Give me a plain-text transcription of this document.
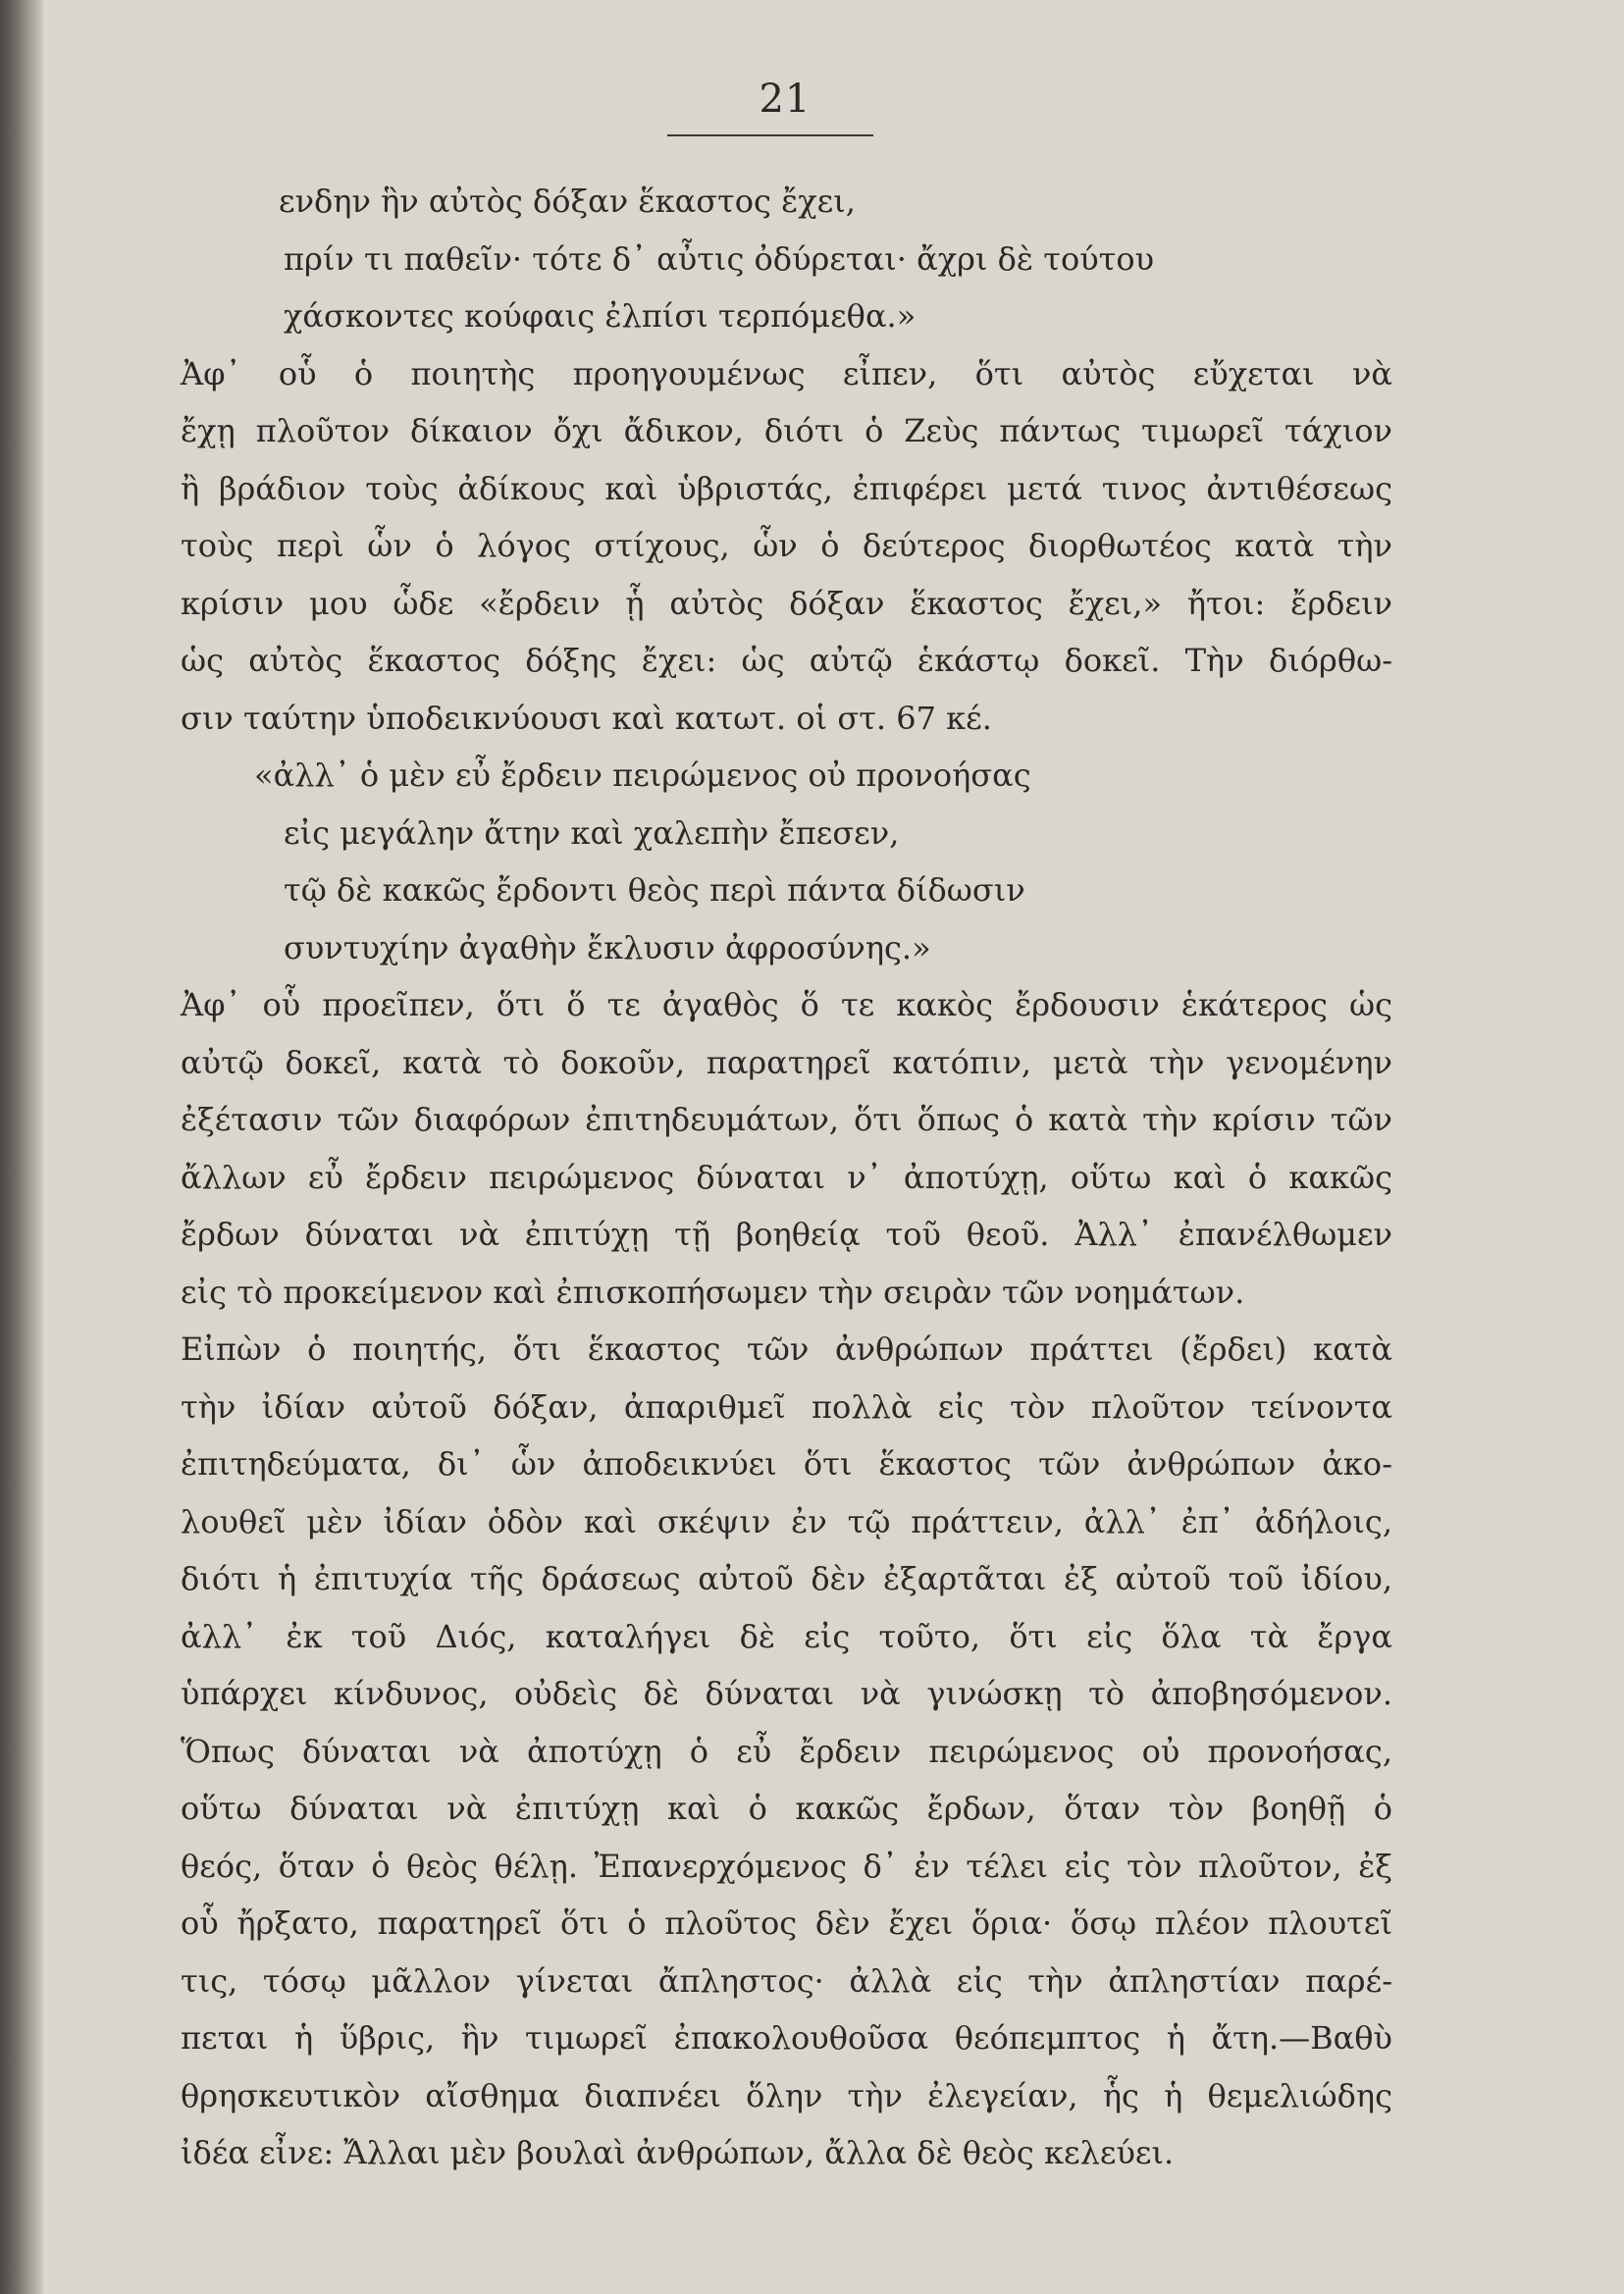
21
ενδην ἣν αὐτὸς δόξαν ἕκαστος ἔχει,
πρίν τι παθεῖν· τότε δ᾽ αὖτις ὀδύρεται· ἄχρι δὲ τούτου
χάσκοντες κούφαις ἐλπίσι τερπόμεθα.»
Ἀφ᾽ οὗ ὁ ποιητὴς προηγουμένως εἶπεν, ὅτι αὐτὸς εὔχεται νὰ
ἔχῃ πλοῦτον δίκαιον ὄχι ἄδικον, διότι ὁ Ζεὺς πάντως τιμωρεῖ τάχιον
ἢ βράδιον τοὺς ἀδίκους καὶ ὑβριστάς, ἐπιφέρει μετά τινος ἀντιθέσεως
τοὺς περὶ ὧν ὁ λόγος στίχους, ὧν ὁ δεύτερος διορθωτέος κατὰ τὴν
κρίσιν μου ὧδε «ἔρδειν ᾗ αὐτὸς δόξαν ἕκαστος ἔχει,» ἤτοι: ἔρδειν
ὡς αὐτὸς ἕκαστος δόξης ἔχει: ὡς αὐτῷ ἑκάστῳ δοκεῖ. Τὴν διόρθω-
σιν ταύτην ὑποδεικνύουσι καὶ κατωτ. οἱ στ. 67 κέ.
«ἀλλ᾽ ὁ μὲν εὖ ἔρδειν πειρώμενος οὐ προνοήσας
εἰς μεγάλην ἄτην καὶ χαλεπὴν ἔπεσεν,
τῷ δὲ κακῶς ἔρδοντι θεὸς περὶ πάντα δίδωσιν
συντυχίην ἀγαθὴν ἔκλυσιν ἀφροσύνης.»
Ἀφ᾽ οὗ προεῖπεν, ὅτι ὅ τε ἀγαθὸς ὅ τε κακὸς ἔρδουσιν ἑκάτερος ὡς
αὐτῷ δοκεῖ, κατὰ τὸ δοκοῦν, παρατηρεῖ κατόπιν, μετὰ τὴν γενομένην
ἐξέτασιν τῶν διαφόρων ἐπιτηδευμάτων, ὅτι ὅπως ὁ κατὰ τὴν κρίσιν τῶν
ἄλλων εὖ ἔρδειν πειρώμενος δύναται ν᾽ ἀποτύχῃ, οὕτω καὶ ὁ κακῶς
ἔρδων δύναται νὰ ἐπιτύχῃ τῇ βοηθείᾳ τοῦ θεοῦ. Ἀλλ᾽ ἐπανέλθωμεν
εἰς τὸ προκείμενον καὶ ἐπισκοπήσωμεν τὴν σειρὰν τῶν νοημάτων.
Εἰπὼν ὁ ποιητής, ὅτι ἕκαστος τῶν ἀνθρώπων πράττει (ἔρδει) κατὰ
τὴν ἰδίαν αὐτοῦ δόξαν, ἀπαριθμεῖ πολλὰ εἰς τὸν πλοῦτον τείνοντα
ἐπιτηδεύματα, δι᾽ ὧν ἀποδεικνύει ὅτι ἕκαστος τῶν ἀνθρώπων ἀκο-
λουθεῖ μὲν ἰδίαν ὁδὸν καὶ σκέψιν ἐν τῷ πράττειν, ἀλλ᾽ ἐπ᾽ ἀδήλοις,
διότι ἡ ἐπιτυχία τῆς δράσεως αὐτοῦ δὲν ἐξαρτᾶται ἐξ αὐτοῦ τοῦ ἰδίου,
ἀλλ᾽ ἐκ τοῦ Διός, καταλήγει δὲ εἰς τοῦτο, ὅτι εἰς ὅλα τὰ ἔργα
ὑπάρχει κίνδυνος, οὐδεὶς δὲ δύναται νὰ γινώσκῃ τὸ ἀποβησόμενον.
Ὅπως δύναται νὰ ἀποτύχῃ ὁ εὖ ἔρδειν πειρώμενος οὐ προνοήσας,
οὕτω δύναται νὰ ἐπιτύχῃ καὶ ὁ κακῶς ἔρδων, ὅταν τὸν βοηθῇ ὁ
θεός, ὅταν ὁ θεὸς θέλῃ. Ἐπανερχόμενος δ᾽ ἐν τέλει εἰς τὸν πλοῦτον, ἐξ
οὗ ἤρξατο, παρατηρεῖ ὅτι ὁ πλοῦτος δὲν ἔχει ὅρια· ὅσῳ πλέον πλουτεῖ
τις, τόσῳ μᾶλλον γίνεται ἄπληστος· ἀλλὰ εἰς τὴν ἀπληστίαν παρέ-
πεται ἡ ὕβρις, ἣν τιμωρεῖ ἐπακολουθοῦσα θεόπεμπτος ἡ ἄτη.—Βαθὺ
θρησκευτικὸν αἴσθημα διαπνέει ὅλην τὴν ἐλεγείαν, ἧς ἡ θεμελιώδης
ἰδέα εἶνε: Ἄλλαι μὲν βουλαὶ ἀνθρώπων, ἄλλα δὲ θεὸς κελεύει.
